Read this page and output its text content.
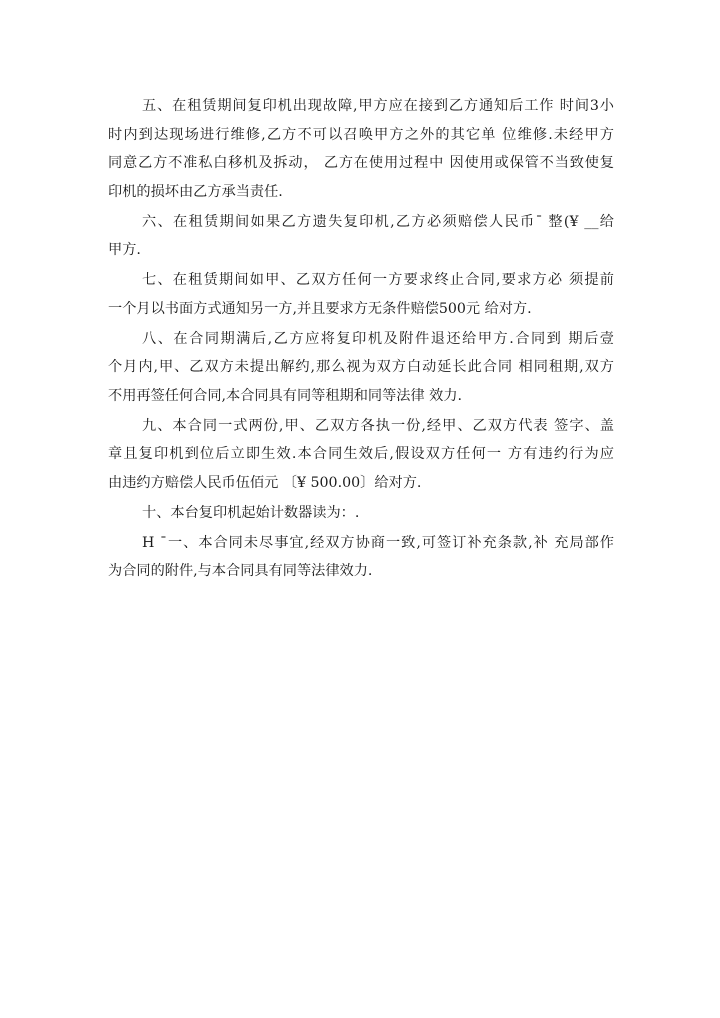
五、在租赁期间复印机出现故障,甲方应在接到乙方通知后工作 时间3小
时内到达现场进行维修,乙方不可以召唤甲方之外的其它单 位维修.未经甲方
同意乙方不准私白移机及拆动， 乙方在使用过程中 因使用或保管不当致使复
印机的损坏由乙方承当责任.
六、在租赁期间如果乙方遗失复印机,乙方必须赔偿人民币ˉ 整(¥ __给
甲方.
七、在租赁期间如甲、乙双方任何一方要求终止合同,要求方必 须提前
一个月以书面方式通知另一方,并且要求方无条件赔偿500元 给对方.
八、在合同期满后,乙方应将复印机及附件退还给甲方.合同到 期后壹
个月内,甲、乙双方未提出解约,那么视为双方白动延长此合同 相同租期,双方
不用再签任何合同,本合同具有同等租期和同等法律 效力.
九、本合同一式两份,甲、乙双方各执一份,经甲、乙双方代表 签字、盖
章且复印机到位后立即生效.本合同生效后,假设双方任何一 方有违约行为应
由违约方赔偿人民币伍佰元 〔¥ 500.00〕给对方.
十、本台复印机起始计数器读为：.
H ˉ一、本合同未尽事宜,经双方协商一致,可签订补充条款,补 充局部作
为合同的附件,与本合同具有同等法律效力.
